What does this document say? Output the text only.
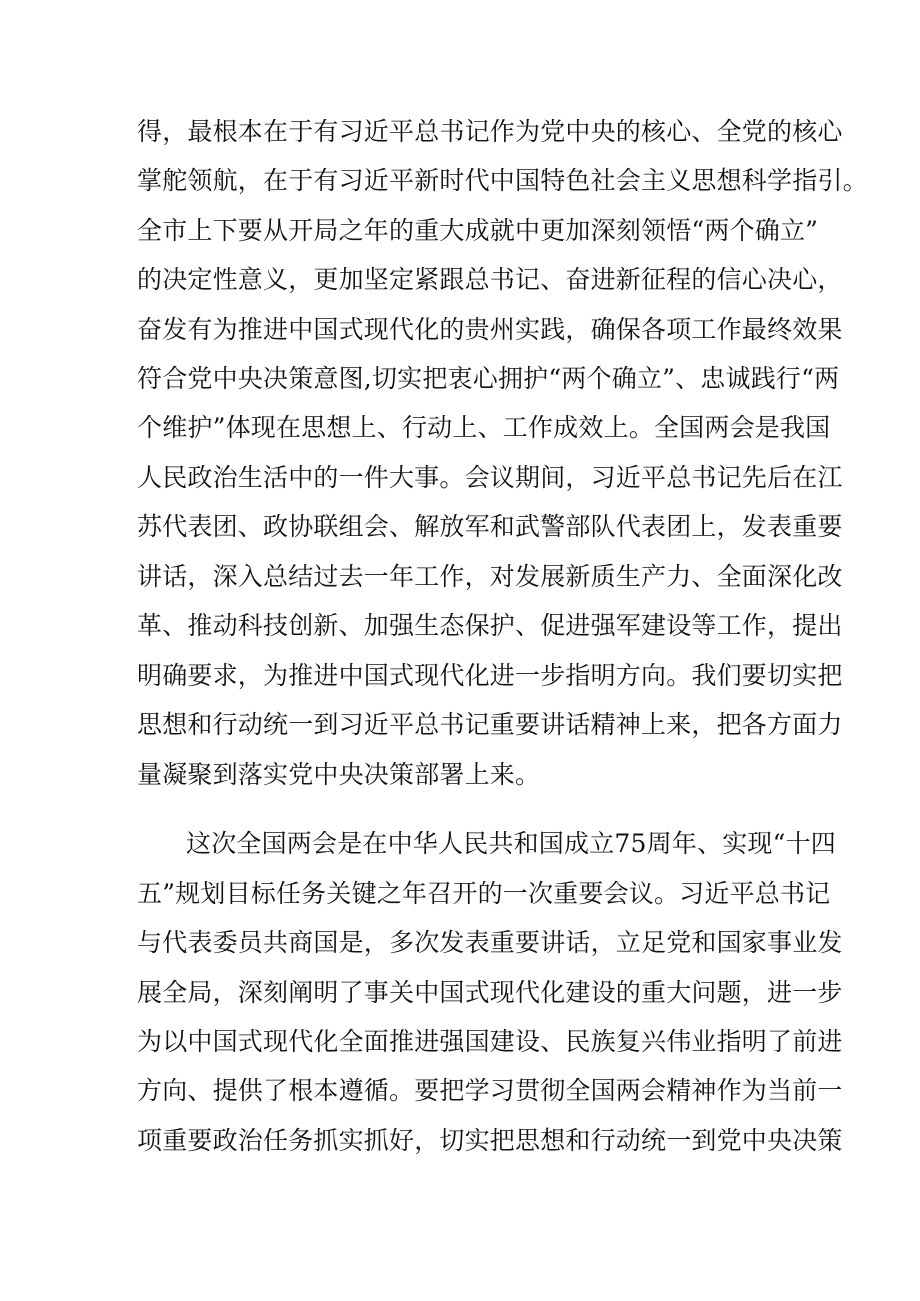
得，最根本在于有习近平总书记作为党中央的核心、全党的核心
掌舵领航，在于有习近平新时代中国特色社会主义思想科学指引。
全市上下要从开局之年的重大成就中更加深刻领悟“两个确立”
的决定性意义，更加坚定紧跟总书记、奋进新征程的信心决心，
奋发有为推进中国式现代化的贵州实践，确保各项工作最终效果
符合党中央决策意图,切实把衷心拥护“两个确立”、忠诚践行“两
个维护”体现在思想上、行动上、工作成效上。全国两会是我国
人民政治生活中的一件大事。会议期间，习近平总书记先后在江
苏代表团、政协联组会、解放军和武警部队代表团上，发表重要
讲话，深入总结过去一年工作，对发展新质生产力、全面深化改
革、推动科技创新、加强生态保护、促进强军建设等工作，提出
明确要求，为推进中国式现代化进一步指明方向。我们要切实把
思想和行动统一到习近平总书记重要讲话精神上来，把各方面力
量凝聚到落实党中央决策部署上来。
这次全国两会是在中华人民共和国成立75周年、实现“十四
五”规划目标任务关键之年召开的一次重要会议。习近平总书记
与代表委员共商国是，多次发表重要讲话，立足党和国家事业发
展全局，深刻阐明了事关中国式现代化建设的重大问题，进一步
为以中国式现代化全面推进强国建设、民族复兴伟业指明了前进
方向、提供了根本遵循。要把学习贯彻全国两会精神作为当前一
项重要政治任务抓实抓好，切实把思想和行动统一到党中央决策
